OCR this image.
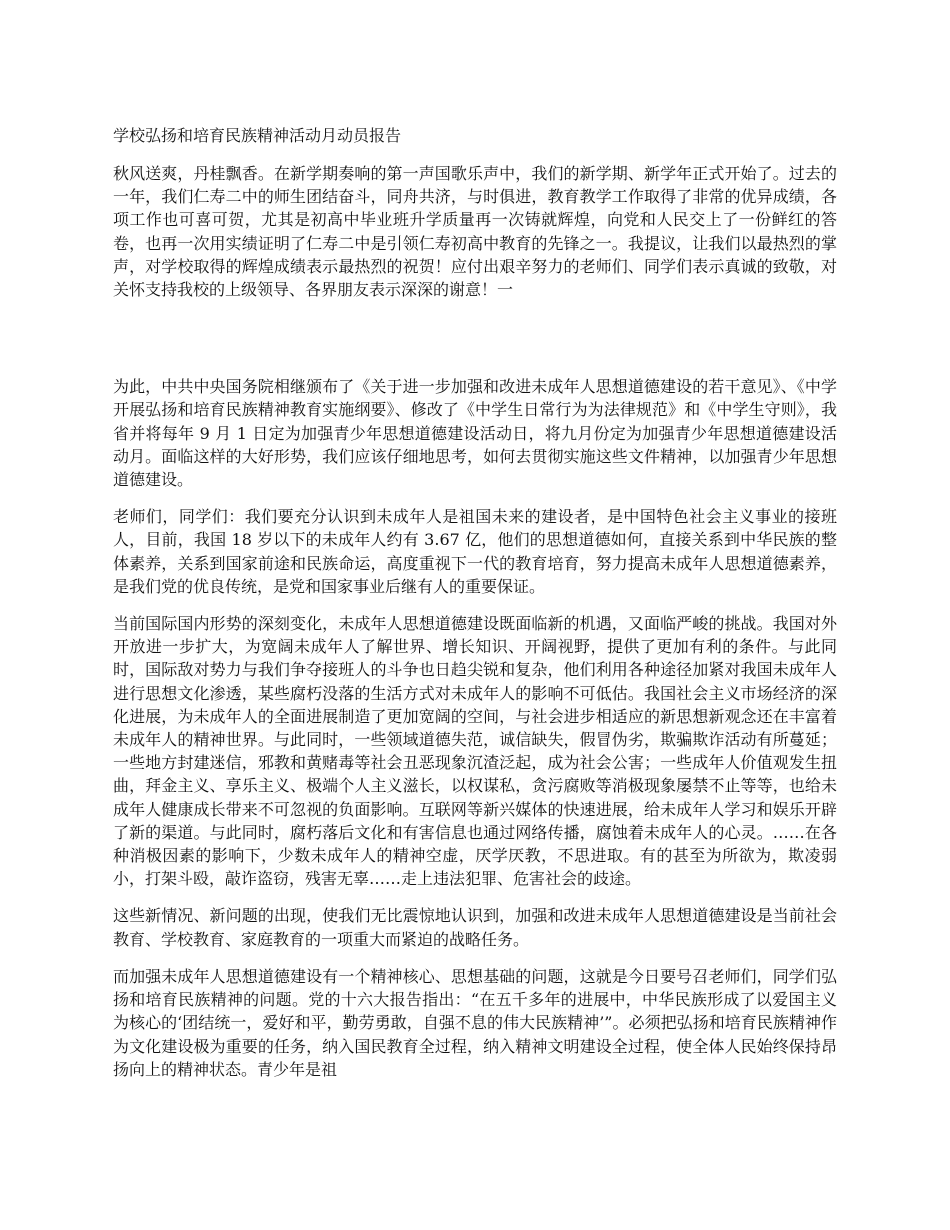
学校弘扬和培育民族精神活动月动员报告

秋风送爽，丹桂飘香。在新学期奏响的第一声国歌乐声中，我们的新学期、新学年正式开始了。过去的一年，我们仁寿二中的师生团结奋斗，同舟共济，与时俱进，教育教学工作取得了非常的优异成绩，各项工作也可喜可贺，尤其是初高中毕业班升学质量再一次铸就辉煌，向党和人民交上了一份鲜红的答卷，也再一次用实绩证明了仁寿二中是引领仁寿初高中教育的先锋之一。我提议，让我们以最热烈的掌声，对学校取得的辉煌成绩表示最热烈的祝贺！应付出艰辛努力的老师们、同学们表示真诚的致敬，对关怀支持我校的上级领导、各界朋友表示深深的谢意！一

为此，中共中央国务院相继颁布了《关于进一步加强和改进未成年人思想道德建设的若干意见》、《中学开展弘扬和培育民族精神教育实施纲要》、修改了《中学生日常行为为法律规范》和《中学生守则》，我省并将每年 9 月 1 日定为加强青少年思想道德建设活动日，将九月份定为加强青少年思想道德建设活动月。面临这样的大好形势，我们应该仔细地思考，如何去贯彻实施这些文件精神，以加强青少年思想道德建设。

老师们，同学们：我们要充分认识到未成年人是祖国未来的建设者，是中国特色社会主义事业的接班人，目前，我国 18 岁以下的未成年人约有 3.67 亿，他们的思想道德如何，直接关系到中华民族的整体素养，关系到国家前途和民族命运，高度重视下一代的教育培育，努力提高未成年人思想道德素养，是我们党的优良传统，是党和国家事业后继有人的重要保证。

当前国际国内形势的深刻变化，未成年人思想道德建设既面临新的机遇，又面临严峻的挑战。我国对外开放进一步扩大，为宽阔未成年人了解世界、增长知识、开阔视野，提供了更加有利的条件。与此同时，国际敌对势力与我们争夺接班人的斗争也日趋尖锐和复杂，他们利用各种途径加紧对我国未成年人进行思想文化渗透，某些腐朽没落的生活方式对未成年人的影响不可低估。我国社会主义市场经济的深化进展，为未成年人的全面进展制造了更加宽阔的空间，与社会进步相适应的新思想新观念还在丰富着未成年人的精神世界。与此同时，一些领域道德失范，诚信缺失，假冒伪劣，欺骗欺诈活动有所蔓延；一些地方封建迷信，邪教和黄赌毒等社会丑恶现象沉渣泛起，成为社会公害；一些成年人价值观发生扭曲，拜金主义、享乐主义、极端个人主义滋长，以权谋私，贪污腐败等消极现象屡禁不止等等，也给未成年人健康成长带来不可忽视的负面影响。互联网等新兴媒体的快速进展，给未成年人学习和娱乐开辟了新的渠道。与此同时，腐朽落后文化和有害信息也通过网络传播，腐蚀着未成年人的心灵。……在各种消极因素的影响下，少数未成年人的精神空虚，厌学厌教，不思进取。有的甚至为所欲为，欺凌弱小，打架斗殴，敲诈盗窃，残害无辜……走上违法犯罪、危害社会的歧途。

这些新情况、新问题的出现，使我们无比震惊地认识到，加强和改进未成年人思想道德建设是当前社会教育、学校教育、家庭教育的一项重大而紧迫的战略任务。

而加强未成年人思想道德建设有一个精神核心、思想基础的问题，这就是今日要号召老师们，同学们弘扬和培育民族精神的问题。党的十六大报告指出：“在五千多年的进展中，中华民族形成了以爱国主义为核心的‘团结统一，爱好和平，勤劳勇敢，自强不息的伟大民族精神’”。必须把弘扬和培育民族精神作为文化建设极为重要的任务，纳入国民教育全过程，纳入精神文明建设全过程，使全体人民始终保持昂扬向上的精神状态。青少年是祖
